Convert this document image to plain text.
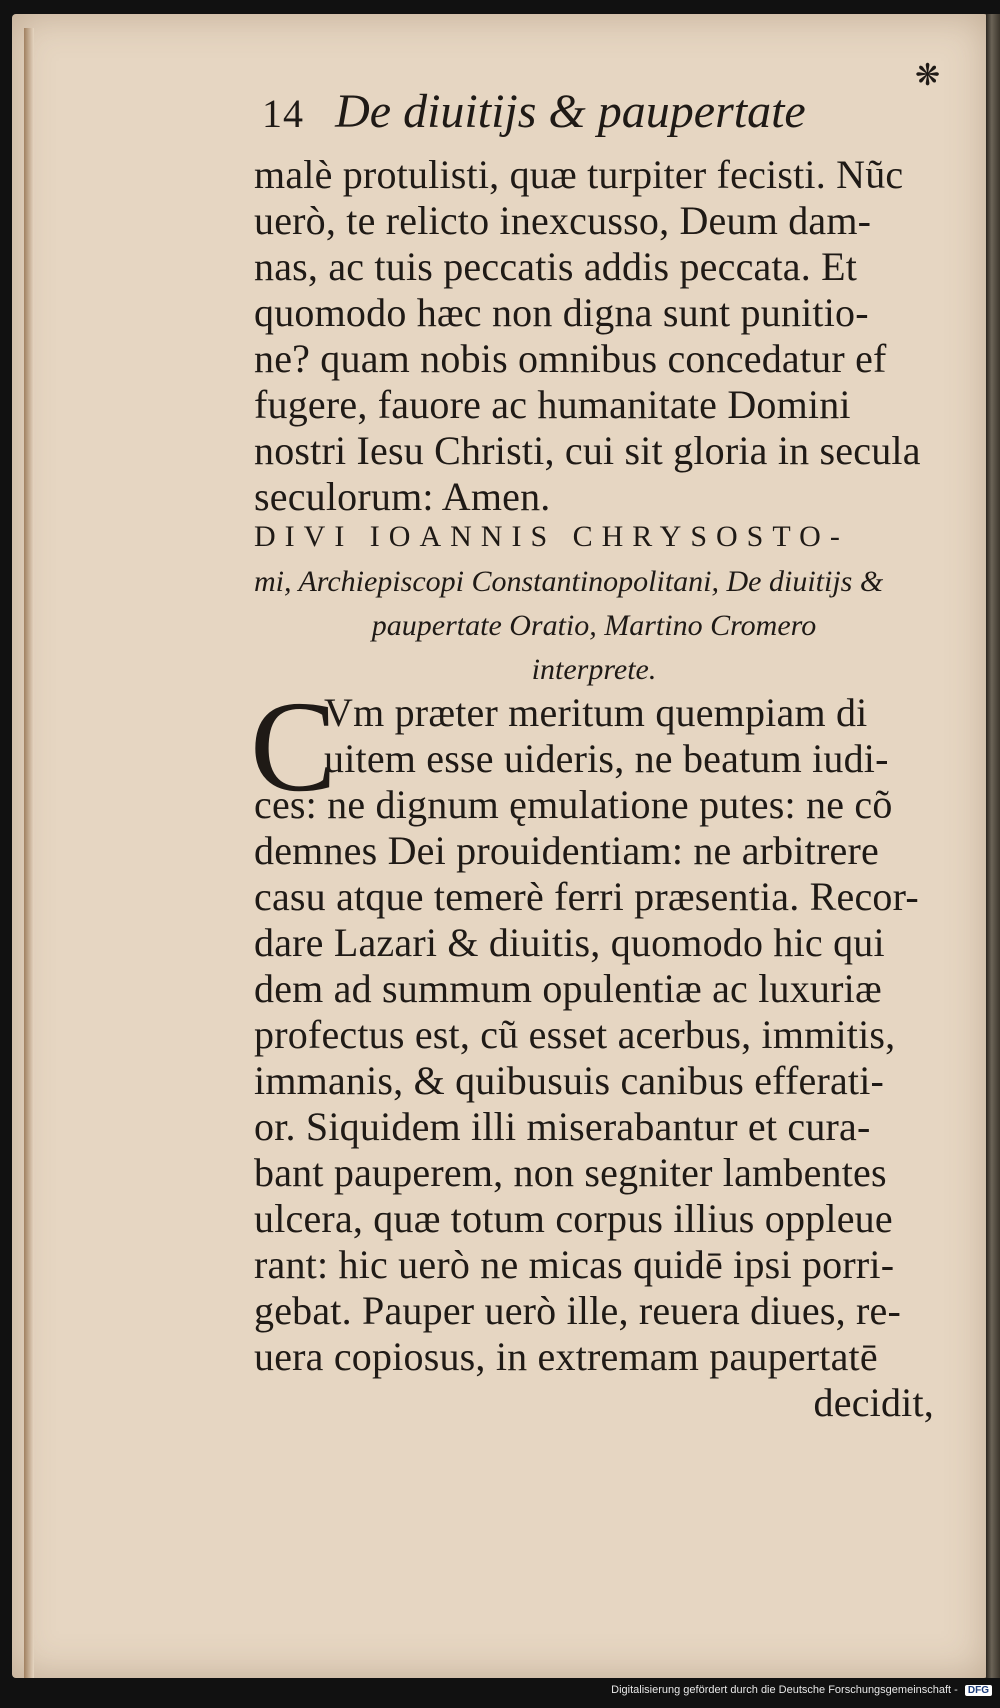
❋
14 De diuitijs & paupertate
malè protulisti, quæ turpiter fecisti. Nũc
uerò, te relicto inexcusso, Deum dam-
nas, ac tuis peccatis addis peccata. Et
quomodo hæc non digna sunt punitio-
ne? quam nobis omnibus concedatur ef
fugere, fauore ac humanitate Domini
nostri Iesu Christi, cui sit gloria in secula
seculorum: Amen.
DIVI IOANNIS CHRYSOSTO-
mi, Archiepiscopi Constantinopolitani, De diuitijs &
paupertate Oratio, Martino Cromero
interprete.
C
Vm præter meritum quempiam di
uitem esse uideris, ne beatum iudi-
ces: ne dignum ęmulatione putes: ne cõ
demnes Dei prouidentiam: ne arbitrere
casu atque temerè ferri præsentia. Recor-
dare Lazari & diuitis, quomodo hic qui
dem ad summum opulentiæ ac luxuriæ
profectus est, cũ esset acerbus, immitis,
immanis, & quibusuis canibus efferati-
or. Siquidem illi miserabantur et cura-
bant pauperem, non segniter lambentes
ulcera, quæ totum corpus illius oppleue
rant: hic uerò ne micas quidē ipsi porri-
gebat. Pauper uerò ille, reuera diues, re-
uera copiosus, in extremam paupertatē
decidit,
Digitalisierung gefördert durch die Deutsche Forschungsgemeinschaft - DFG
